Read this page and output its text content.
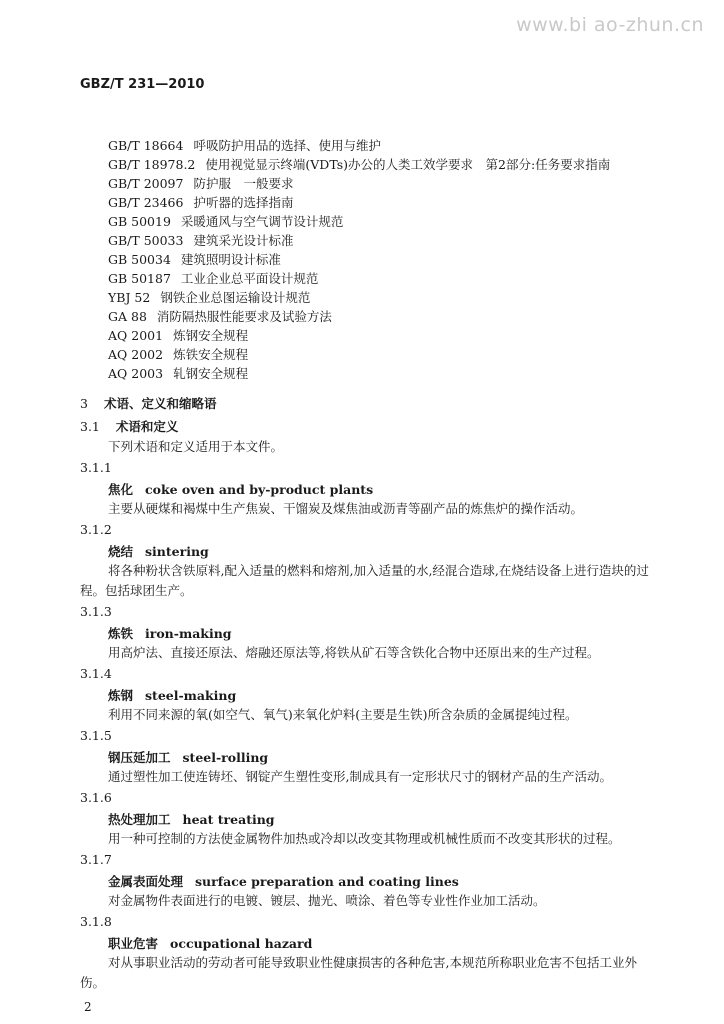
www.bi ao-zhun.cn
GBZ/T 231—2010
GB/T 18664 呼吸防护用品的选择、使用与维护
GB/T 18978.2 使用视觉显示终端(VDTs)办公的人类工效学要求　第2部分:任务要求指南
GB/T 20097 防护服　一般要求
GB/T 23466 护听器的选择指南
GB 50019 采暖通风与空气调节设计规范
GB/T 50033 建筑采光设计标准
GB 50034 建筑照明设计标准
GB 50187 工业企业总平面设计规范
YBJ 52 钢铁企业总图运输设计规范
GA 88 消防隔热服性能要求及试验方法
AQ 2001 炼钢安全规程
AQ 2002 炼铁安全规程
AQ 2003 轧钢安全规程
3 术语、定义和缩略语
3.1 术语和定义
下列术语和定义适用于本文件。
3.1.1
焦化 coke oven and by-product plants
主要从硬煤和褐煤中生产焦炭、干馏炭及煤焦油或沥青等副产品的炼焦炉的操作活动。
3.1.2
烧结 sintering
将各种粉状含铁原料,配入适量的燃料和熔剂,加入适量的水,经混合造球,在烧结设备上进行造块的过程。包括球团生产。
3.1.3
炼铁 iron-making
用高炉法、直接还原法、熔融还原法等,将铁从矿石等含铁化合物中还原出来的生产过程。
3.1.4
炼钢 steel-making
利用不同来源的氧(如空气、氧气)来氧化炉料(主要是生铁)所含杂质的金属提纯过程。
3.1.5
钢压延加工 steel-rolling
通过塑性加工使连铸坯、钢锭产生塑性变形,制成具有一定形状尺寸的钢材产品的生产活动。
3.1.6
热处理加工 heat treating
用一种可控制的方法使金属物件加热或冷却以改变其物理或机械性质而不改变其形状的过程。
3.1.7
金属表面处理 surface preparation and coating lines
对金属物件表面进行的电镀、镀层、抛光、喷涂、着色等专业性作业加工活动。
3.1.8
职业危害 occupational hazard
对从事职业活动的劳动者可能导致职业性健康损害的各种危害,本规范所称职业危害不包括工业外伤。
2
